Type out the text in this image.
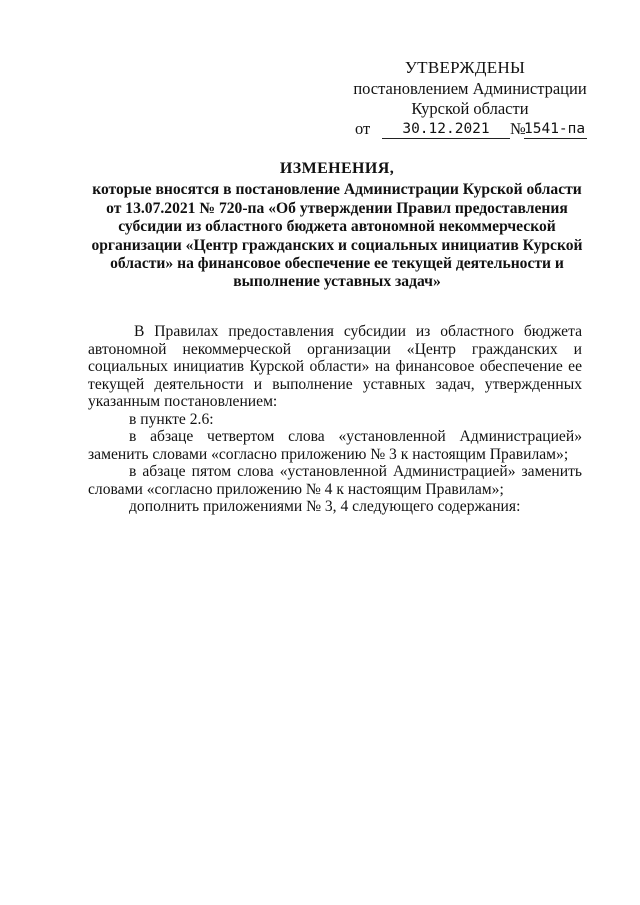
УТВЕРЖДЕНЫ
постановлением Администрации
Курской области
от	30.12.2021	№
1541-па
ИЗМЕНЕНИЯ,
которые вносятся в постановление Администрации Курской области
от 13.07.2021 № 720-па «Об утверждении Правил предоставления
субсидии из областного бюджета автономной некоммерческой
организации «Центр гражданских и социальных инициатив Курской
области» на финансовое обеспечение ее текущей деятельности и
выполнение уставных задач»

В Правилах предоставления субсидии из областного бюджета автономной некоммерческой организации «Центр гражданских и социальных инициатив Курской области» на финансовое обеспечение ее текущей деятельности и выполнение уставных задач, утвержденных указанным постановлением:

в пункте 2.6:

в абзаце четвертом слова «установленной Администрацией» заменить словами «согласно приложению № 3 к настоящим Правилам»;

в абзаце пятом слова «установленной Администрацией» заменить словами «согласно приложению № 4 к настоящим Правилам»;

дополнить приложениями № 3, 4 следующего содержания:
